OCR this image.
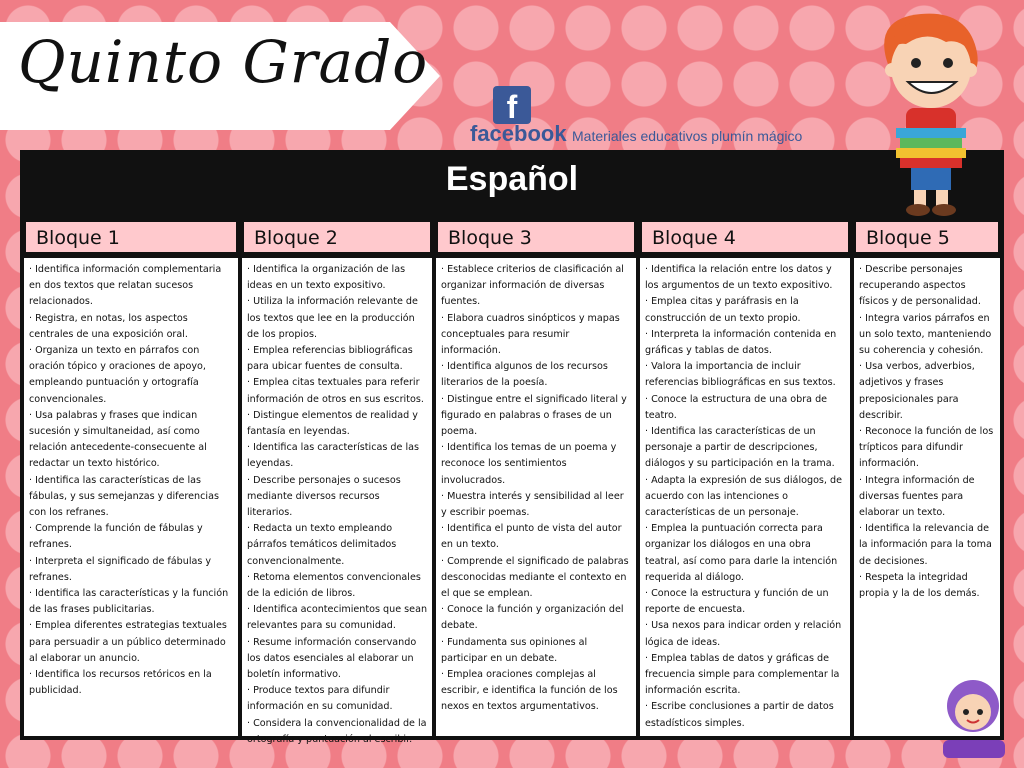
Quinto Grado
f
facebook Materiales educativos plumín mágico
Español
Bloque 1

· Identifica información complementaria en dos textos que relatan sucesos relacionados.

· Registra, en notas, los aspectos centrales de una exposición oral.

· Organiza un texto en párrafos con oración tópico y oraciones de apoyo, empleando puntuación y ortografía convencionales.

· Usa palabras y frases que indican sucesión y simultaneidad, así como relación antecedente-consecuente al redactar un texto histórico.

· Identifica las características de las fábulas, y sus semejanzas y diferencias con los refranes.

· Comprende la función de fábulas y refranes.

· Interpreta el significado de fábulas y refranes.

· Identifica las características y la función de las frases publicitarias.

· Emplea diferentes estrategias textuales para persuadir a un público determinado al elaborar un anuncio.

· Identifica los recursos retóricos en la publicidad.

Bloque 2

· Identifica la organización de las ideas en un texto expositivo.

· Utiliza la información relevante de los textos que lee en la producción de los propios.

· Emplea referencias bibliográficas para ubicar fuentes de consulta.

· Emplea citas textuales para referir información de otros en sus escritos.

· Distingue elementos de realidad y fantasía en leyendas.

· Identifica las características de las leyendas.

· Describe personajes o sucesos mediante diversos recursos literarios.

· Redacta un texto empleando párrafos temáticos delimitados convencionalmente.

· Retoma elementos convencionales de la edición de libros.

· Identifica acontecimientos que sean relevantes para su comunidad.

· Resume información conservando los datos esenciales al elaborar un boletín informativo.

· Produce textos para difundir información en su comunidad.

· Considera la convencionalidad de la ortografía y puntuación al escribir.

Bloque 3

· Establece criterios de clasificación al organizar información de diversas fuentes.

· Elabora cuadros sinópticos y mapas conceptuales para resumir información.

· Identifica algunos de los recursos literarios de la poesía.

· Distingue entre el significado literal y figurado en palabras o frases de un poema.

· Identifica los temas de un poema y reconoce los sentimientos involucrados.

· Muestra interés y sensibilidad al leer y escribir poemas.

· Identifica el punto de vista del autor en un texto.

· Comprende el significado de palabras desconocidas mediante el contexto en el que se emplean.

· Conoce la función y organización del debate.

· Fundamenta sus opiniones al participar en un debate.

· Emplea oraciones complejas al escribir, e identifica la función de los nexos en textos argumentativos.

Bloque 4

· Identifica la relación entre los datos y los argumentos de un texto expositivo.

· Emplea citas y paráfrasis en la construcción de un texto propio.

· Interpreta la información contenida en gráficas y tablas de datos.

· Valora la importancia de incluir referencias bibliográficas en sus textos.

· Conoce la estructura de una obra de teatro.

· Identifica las características de un personaje a partir de descripciones, diálogos y su participación en la trama.

· Adapta la expresión de sus diálogos, de acuerdo con las intenciones o características de un personaje.

· Emplea la puntuación correcta para organizar los diálogos en una obra teatral, así como para darle la intención requerida al diálogo.

· Conoce la estructura y función de un reporte de encuesta.

· Usa nexos para indicar orden y relación lógica de ideas.

· Emplea tablas de datos y gráficas de frecuencia simple para complementar la información escrita.

· Escribe conclusiones a partir de datos estadísticos simples.

Bloque 5

· Describe personajes recuperando aspectos físicos y de personalidad.

· Integra varios párrafos en un solo texto, manteniendo su coherencia y cohesión.

· Usa verbos, adverbios, adjetivos y frases preposicionales para describir.

· Reconoce la función de los trípticos para difundir información.

· Integra información de diversas fuentes para elaborar un texto.

· Identifica la relevancia de la información para la toma de decisiones.

· Respeta la integridad propia y la de los demás.
